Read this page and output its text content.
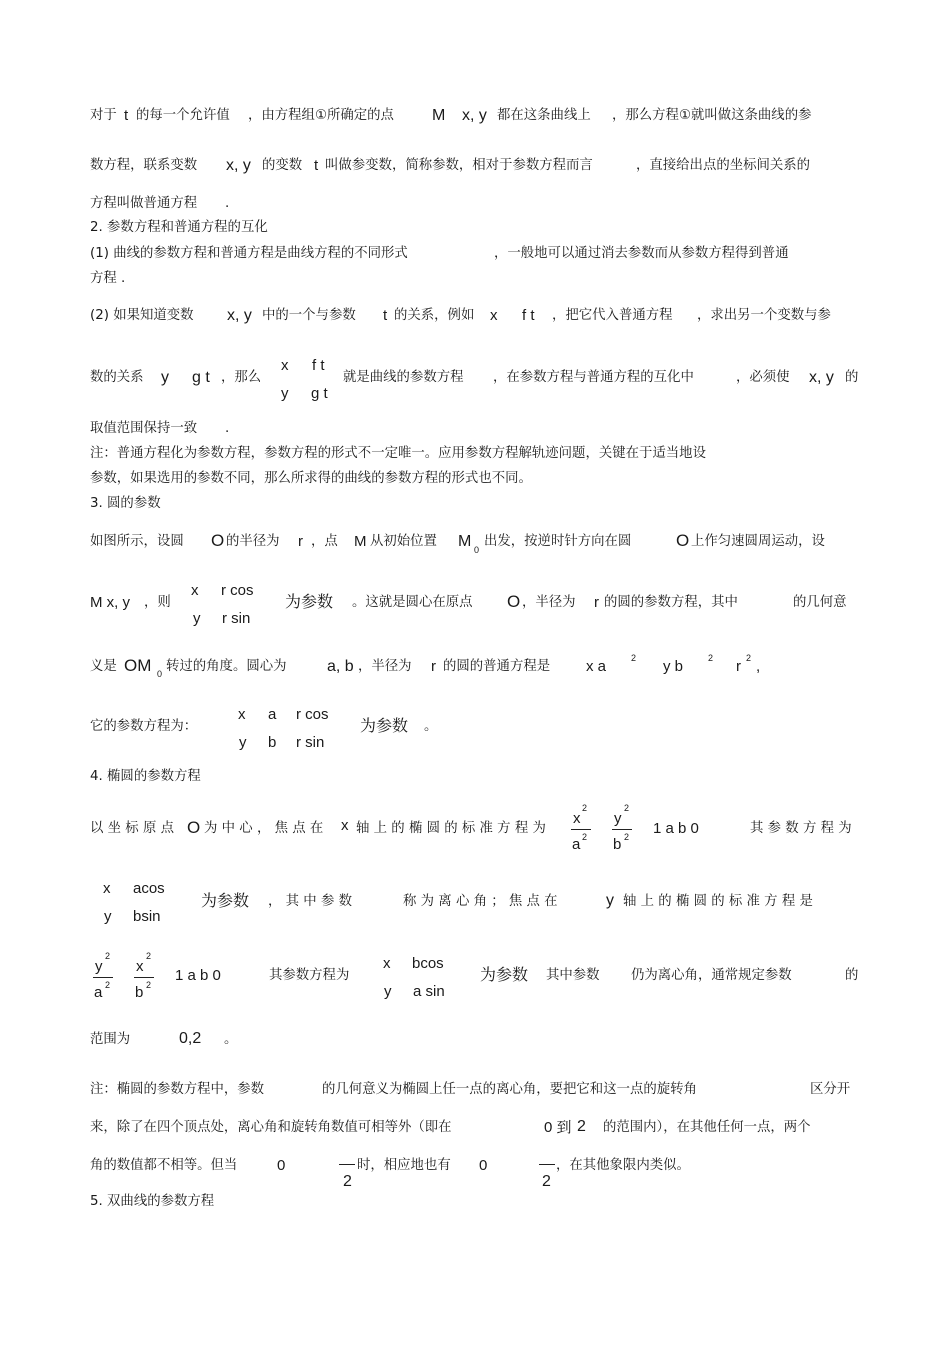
对于 t 的每一个允许值 ，由方程组①所确定的点 M x, y 都在这条曲线上 ，那么方程①就叫做这条曲线的参
数方程，联系变数 x, y 的变数 t 叫做参变数，简称参数，相对于参数方程而言	，直接给出点的坐标间关系的
方程叫做普通方程 .
2. 参数方程和普通方程的互化
(1) 曲线的参数方程和普通方程是曲线方程的不同形式	，一般地可以通过消去参数而从参数方程得到普通
方程 .
(2) 如果知道变数 x, y 中的一个与参数 t 的关系，例如 x f t ，把它代入普通方程 ，求出另一个变数与参
数的关系 y g t ，那么
x f t
y g t
就是曲线的参数方程 ，在参数方程与普通方程的互化中	，必须使 x, y 的
取值范围保持一致 .
注：普通方程化为参数方程，参数方程的形式不一定唯一。应用参数方程解轨迹问题，关键在于适当地设
参数，如果选用的参数不同，那么所求得的曲线的参数方程的形式也不同。
3. 圆的参数
如图所示，设圆 O 的半径为 r ，点 M 从初始位置 M 0
出发，按逆时针方向在圆	O 上作匀速圆周运动，设
M x, y ，则
x r cos
y r sin
为参数 。这就是圆心在原点 O ，半径为 r 的圆的参数方程，其中	的几何意
义是 OM 0 转过的角度。圆心为	a, b ，半径为 r 的圆的普通方程是 x a	2 y b	2 r 2 ,
它的参数方程为：
x a r cos
y b r sin
为参数 。
4. 椭圆的参数方程
以 坐 标 原 点 O 为 中 心 ， 焦 点 在 x 轴 上 的 椭 圆 的 标 准 方 程 为
x
2
a 2
y
2
b 2 1 a b 0	其 参 数 方 程 为
x acos
y bsin
为参数 ， 其 中 参 数	称 为 离 心 角 ； 焦 点 在	y 轴 上 的 椭 圆 的 标 准 方 程 是
y
2
a 2
x
2
b 2
1 a b 0	其参数方程为
x bcos
y a sin
为参数 其中参数 仍为离心角，通常规定参数	的
范围为	0,2 。
注：椭圆的参数方程中，参数	的几何意义为椭圆上任一点的离心角，要把它和这一点的旋转角	区分开
来，除了在四个顶点处，离心角和旋转角数值可相等外（即在	0 到 2 的范围内），在其他任何一点，两个
角的数值都不相等。但当	0
2
时，相应地也有 0
2
，在其他象限内类似。
5. 双曲线的参数方程
